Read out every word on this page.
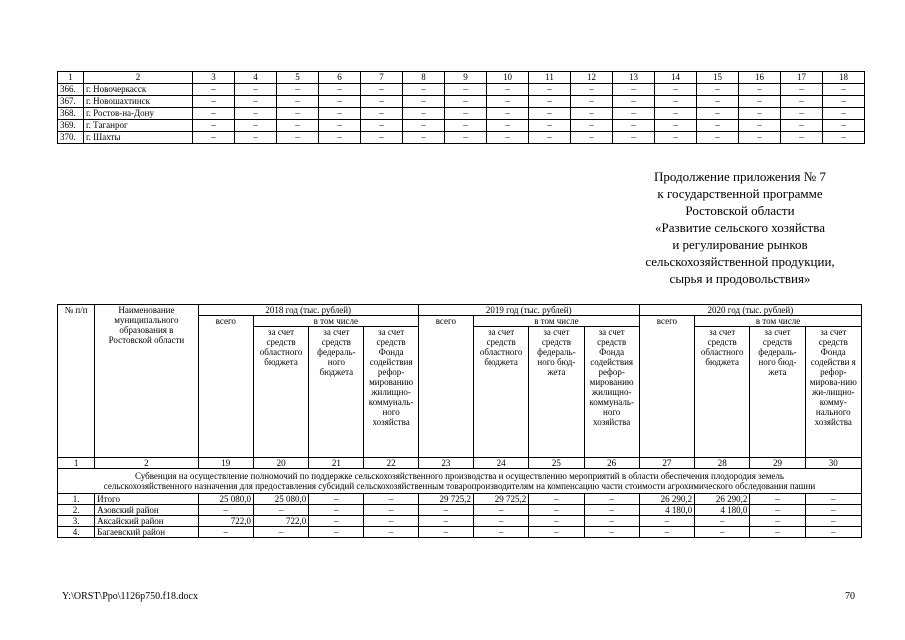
1	2	3	4	5	6	7	8	9	10	11	12	13	14	15	16	17	18
366.	г. Новочеркасск	–	–	–	–	–	–	–	–	–	–	–	–	–	–	–	–
367.	г. Новошахтинск	–	–	–	–	–	–	–	–	–	–	–	–	–	–	–	–
368.	г. Ростов-на-Дону	–	–	–	–	–	–	–	–	–	–	–	–	–	–	–	–
369.	г. Таганрог	–	–	–	–	–	–	–	–	–	–	–	–	–	–	–	–
370.	г. Шахты	–	–	–	–	–	–	–	–	–	–	–	–	–	–	–	–
Продолжение приложения № 7
к государственной программе
Ростовской области
«Развитие сельского хозяйства
и регулирование рынков
сельскохозяйственной продукции,
сырья и продовольствия»
№ п/п	Наименование муниципального образования в Ростовской области	2018 год (тыс. рублей)				2019 год (тыс. рублей)				2020 год (тыс. рублей)			
		всего	в том числе			всего	в том числе			всего	в том числе		
			за счет средств областного бюджета	за счет средств федераль-ного бюджета	за счет средств Фонда содействия рефор-мированию жилищно-коммуналь-ного хозяйства		за счет средств областного бюджета	за счет средств федераль-ного бюд-жета	за счет средств Фонда содействия рефор-мированию жилищно-коммуналь-ного хозяйства		за счет средств областного бюджета	за счет средств федераль-ного бюд-жета	за счет средств Фонда содействи я рефор-мирова-нию жи-лищно-комму-нального хозяйства
1	2	19	20	21	22	23	24	25	26	27	28	29	30
Субвенция на осуществление полномочий по поддержке сельскохозяйственного производства и осуществлению мероприятий в области обеспечения плодородия земель сельскохозяйственного назначения для предоставления субсидий сельскохозяйственным товаропроизводителям на компенсацию части стоимости агрохимического обследования пашни													
1.	Итого	25 080,0	25 080,0	–	–	29 725,2	29 725,2	–	–	26 290,2	26 290,2	–	–
2.	Азовский район	–	–	–	–	–	–	–	–	4 180,0	4 180,0	–	–
3.	Аксайский район	722,0	722,0	–	–	–	–	–	–	–	–	–	–
4.	Багаевский район	–	–	–	–	–	–	–	–	–	–	–	–
Y:\ORST\Ppo\1126p750.f18.docx	70
